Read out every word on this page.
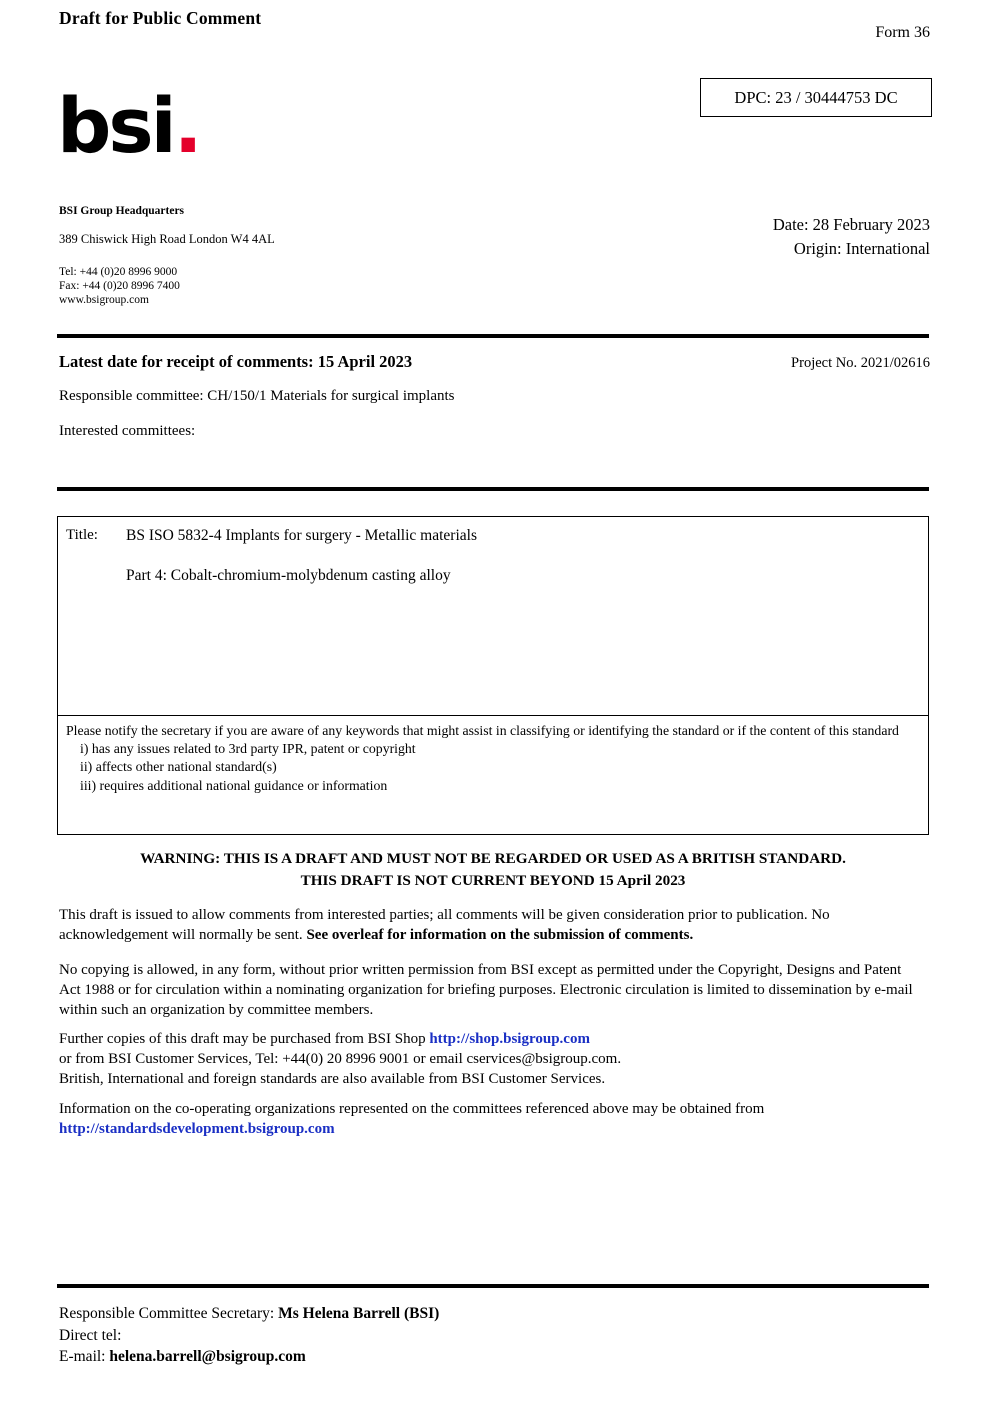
Draft for Public Comment
Form 36
DPC: 23 / 30444753 DC
bsi.
BSI Group Headquarters
389 Chiswick High Road London W4 4AL
Tel: +44 (0)20 8996 9000
Fax: +44 (0)20 8996 7400
www.bsigroup.com
Date: 28 February 2023
Origin: International
Latest date for receipt of comments: 15 April 2023	Project No. 2021/02616
Responsible committee: CH/150/1 Materials for surgical implants
Interested committees:
Title: BS ISO 5832-4 Implants for surgery - Metallic materials
Part 4: Cobalt-chromium-molybdenum casting alloy
Please notify the secretary if you are aware of any keywords that might assist in classifying or identifying the standard or if the content of this standard
i) has any issues related to 3rd party IPR, patent or copyright
ii) affects other national standard(s)
iii) requires additional national guidance or information
WARNING: THIS IS A DRAFT AND MUST NOT BE REGARDED OR USED AS A BRITISH STANDARD.
THIS DRAFT IS NOT CURRENT BEYOND 15 April 2023
This draft is issued to allow comments from interested parties; all comments will be given consideration prior to publication. No acknowledgement will normally be sent. See overleaf for information on the submission of comments.
No copying is allowed, in any form, without prior written permission from BSI except as permitted under the Copyright, Designs and Patent Act 1988 or for circulation within a nominating organization for briefing purposes. Electronic circulation is limited to dissemination by e-mail within such an organization by committee members.
Further copies of this draft may be purchased from BSI Shop http://shop.bsigroup.com
or from BSI Customer Services, Tel: +44(0) 20 8996 9001 or email cservices@bsigroup.com.
British, International and foreign standards are also available from BSI Customer Services.
Information on the co-operating organizations represented on the committees referenced above may be obtained from
http://standardsdevelopment.bsigroup.com
Responsible Committee Secretary: Ms Helena Barrell (BSI)
Direct tel:
E-mail: helena.barrell@bsigroup.com
